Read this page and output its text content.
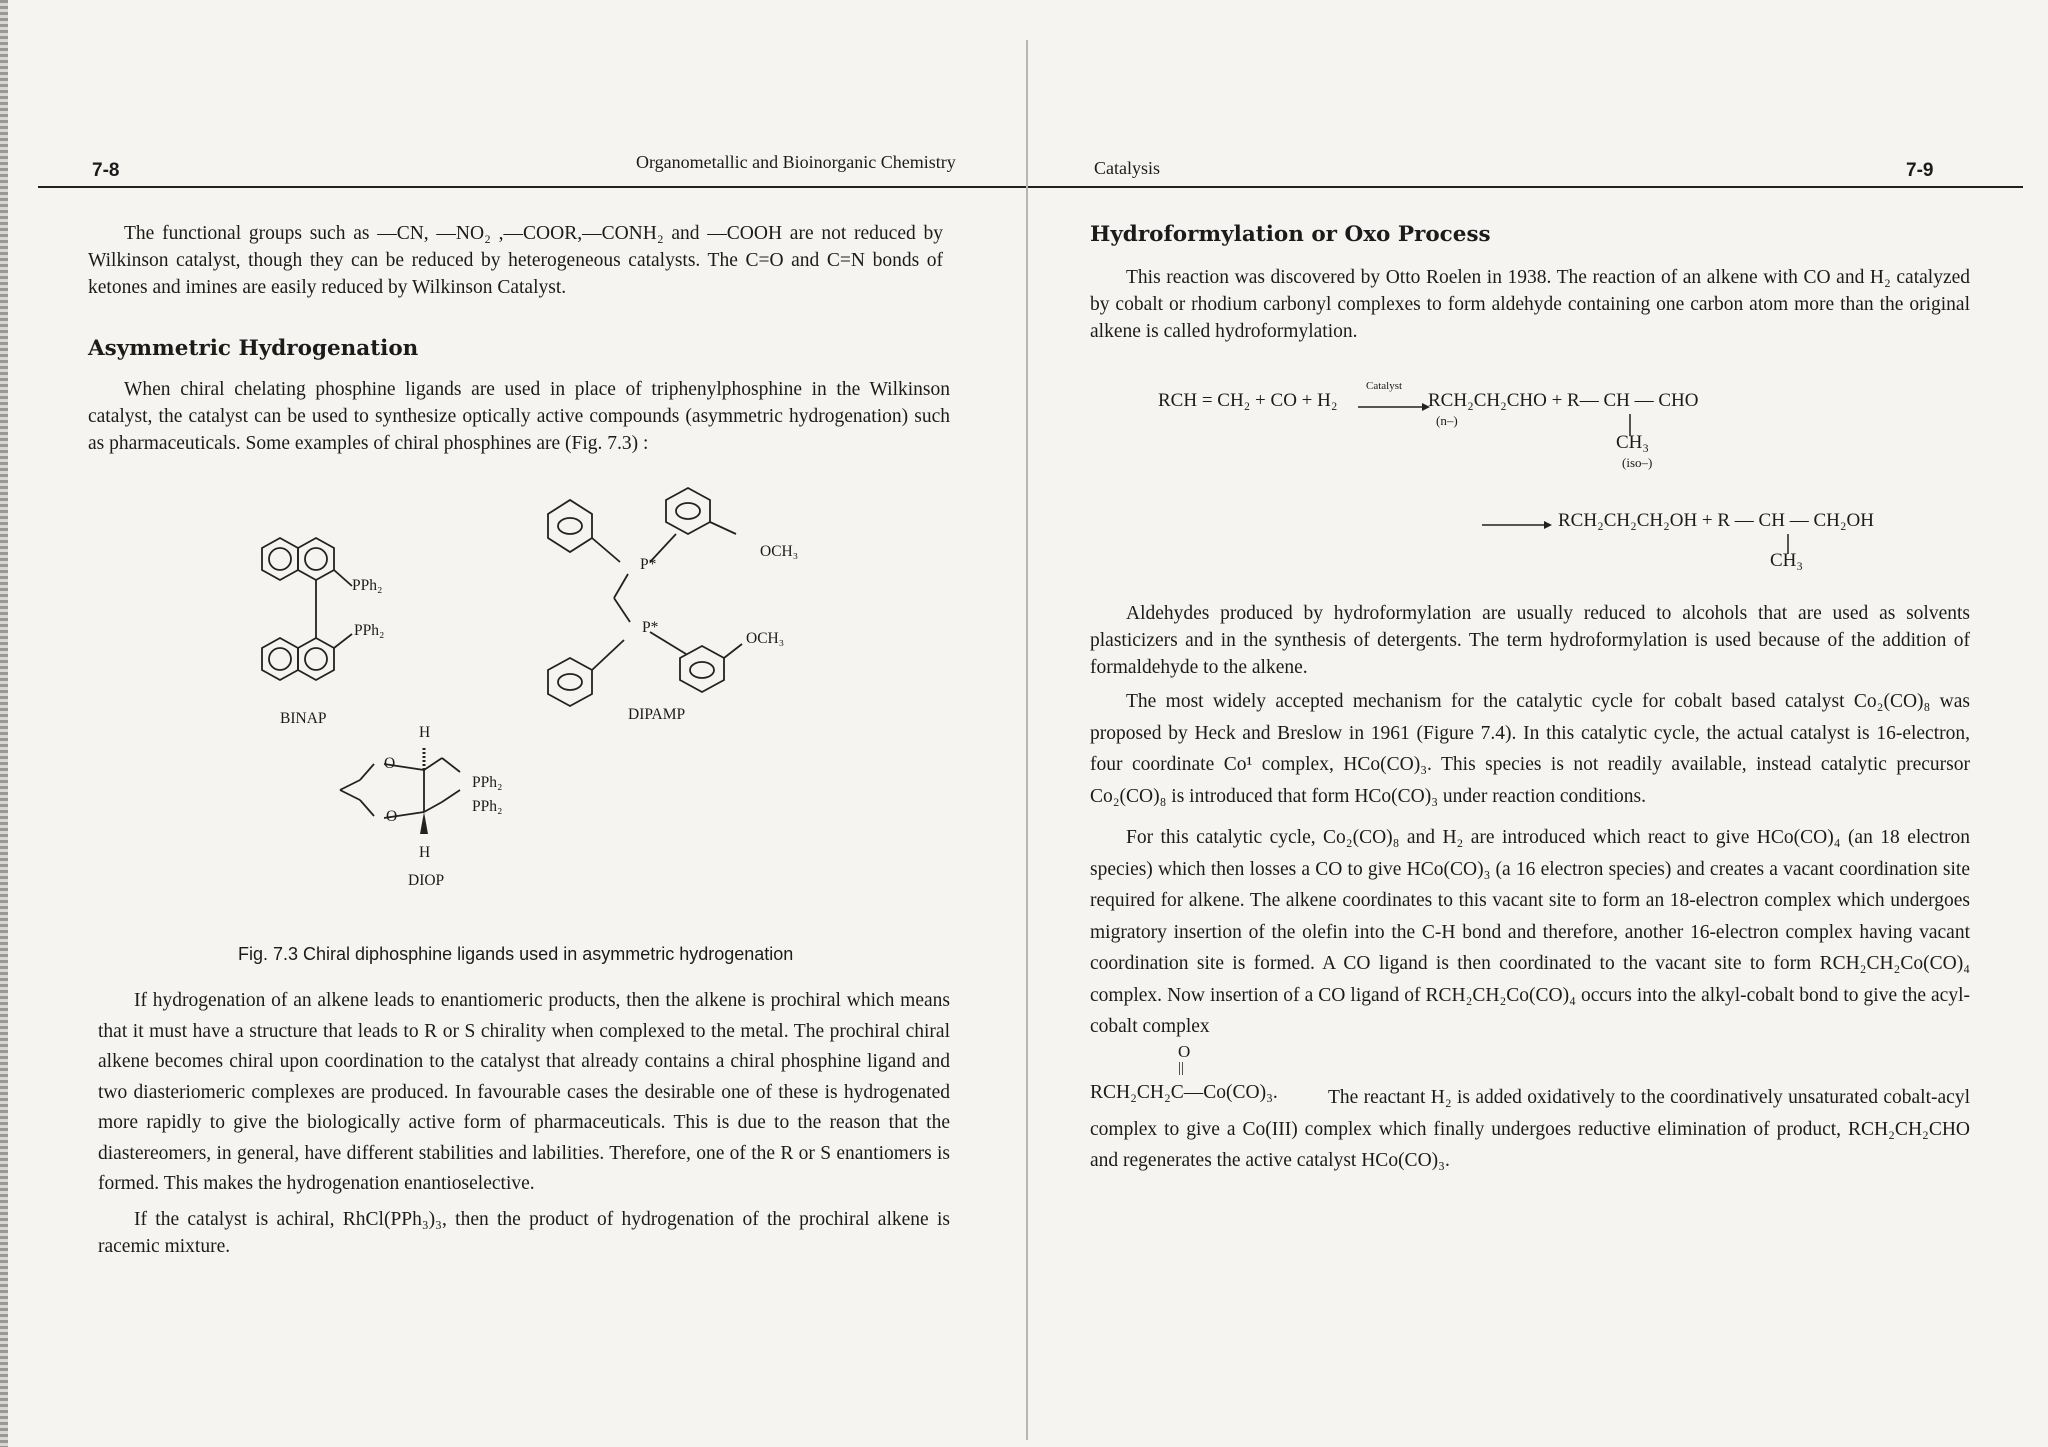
7-8	Organometallic and Bioinorganic Chemistry
The functional groups such as —CN, —NO₂ ,—COOR,—CONH₂ and —COOH are not reduced by Wilkinson catalyst, though they can be reduced by heterogeneous catalysts. The C=O and C=N bonds of ketones and imines are easily reduced by Wilkinson Catalyst.
Asymmetric Hydrogenation
When chiral chelating phosphine ligands are used in place of triphenylphosphine in the Wilkinson catalyst, the catalyst can be used to synthesize optically active compounds (asymmetric hydrogenation) such as pharmaceuticals. Some examples of chiral phosphines are (Fig. 7.3) :
PPh₂
PPh₂
BINAP
P*
P*
OCH₃
OCH₃
DIPAMP
H
O
O
PPh₂
PPh₂
H
DIOP
Fig. 7.3 Chiral diphosphine ligands used in asymmetric hydrogenation
If hydrogenation of an alkene leads to enantiomeric products, then the alkene is prochiral which means that it must have a structure that leads to R or S chirality when complexed to the metal. The prochiral chiral alkene becomes chiral upon coordination to the catalyst that already contains a chiral phosphine ligand and two diasteriomeric complexes are produced. In favourable cases the desirable one of these is hydrogenated more rapidly to give the biologically active form of pharmaceuticals. This is due to the reason that the diastereomers, in general, have different stabilities and labilities. Therefore, one of the R or S enantiomers is formed. This makes the hydrogenation enantioselective.
If the catalyst is achiral, RhCl(PPh₃)₃, then the product of hydrogenation of the prochiral alkene is racemic mixture.
Catalysis	7-9
Hydroformylation or Oxo Process
This reaction was discovered by Otto Roelen in 1938. The reaction of an alkene with CO and H₂ catalyzed by cobalt or rhodium carbonyl complexes to form aldehyde containing one carbon atom more than the original alkene is called hydroformylation.
RCH = CH₂ + CO + H₂
Catalyst
RCH₂CH₂CHO + R— CH — CHO
(n–)
CH₃
(iso–)
RCH₂CH₂CH₂OH + R — CH — CH₂OH
CH₃
Aldehydes produced by hydroformylation are usually reduced to alcohols that are used as solvents plasticizers and in the synthesis of detergents. The term hydroformylation is used because of the addition of formaldehyde to the alkene.
The most widely accepted mechanism for the catalytic cycle for cobalt based catalyst Co₂(CO)₈ was proposed by Heck and Breslow in 1961 (Figure 7.4). In this catalytic cycle, the actual catalyst is 16-electron, four coordinate Co¹ complex, HCo(CO)₃. This species is not readily available, instead catalytic precursor Co₂(CO)₈ is introduced that form HCo(CO)₃ under reaction conditions.
For this catalytic cycle, Co₂(CO)₈ and H₂ are introduced which react to give HCo(CO)₄ (an 18 electron species) which then losses a CO to give HCo(CO)₃ (a 16 electron species) and creates a vacant coordination site required for alkene. The alkene coordinates to this vacant site to form an 18-electron complex which undergoes migratory insertion of the olefin into the C-H bond and therefore, another 16-electron complex having vacant coordination site is formed. A CO ligand is then coordinated to the vacant site to form RCH₂CH₂Co(CO)₄ complex. Now insertion of a CO ligand of RCH₂CH₂Co(CO)₄ occurs into the alkyl-cobalt bond to give the acyl-cobalt complex
O
||
RCH₂CH₂C—Co(CO)₃.	The reactant H₂ is added oxidatively to the coordinatively unsaturated cobalt-acyl complex to give a Co(III) complex which finally undergoes reductive elimination of product, RCH₂CH₂CHO and regenerates the active catalyst HCo(CO)₃.
